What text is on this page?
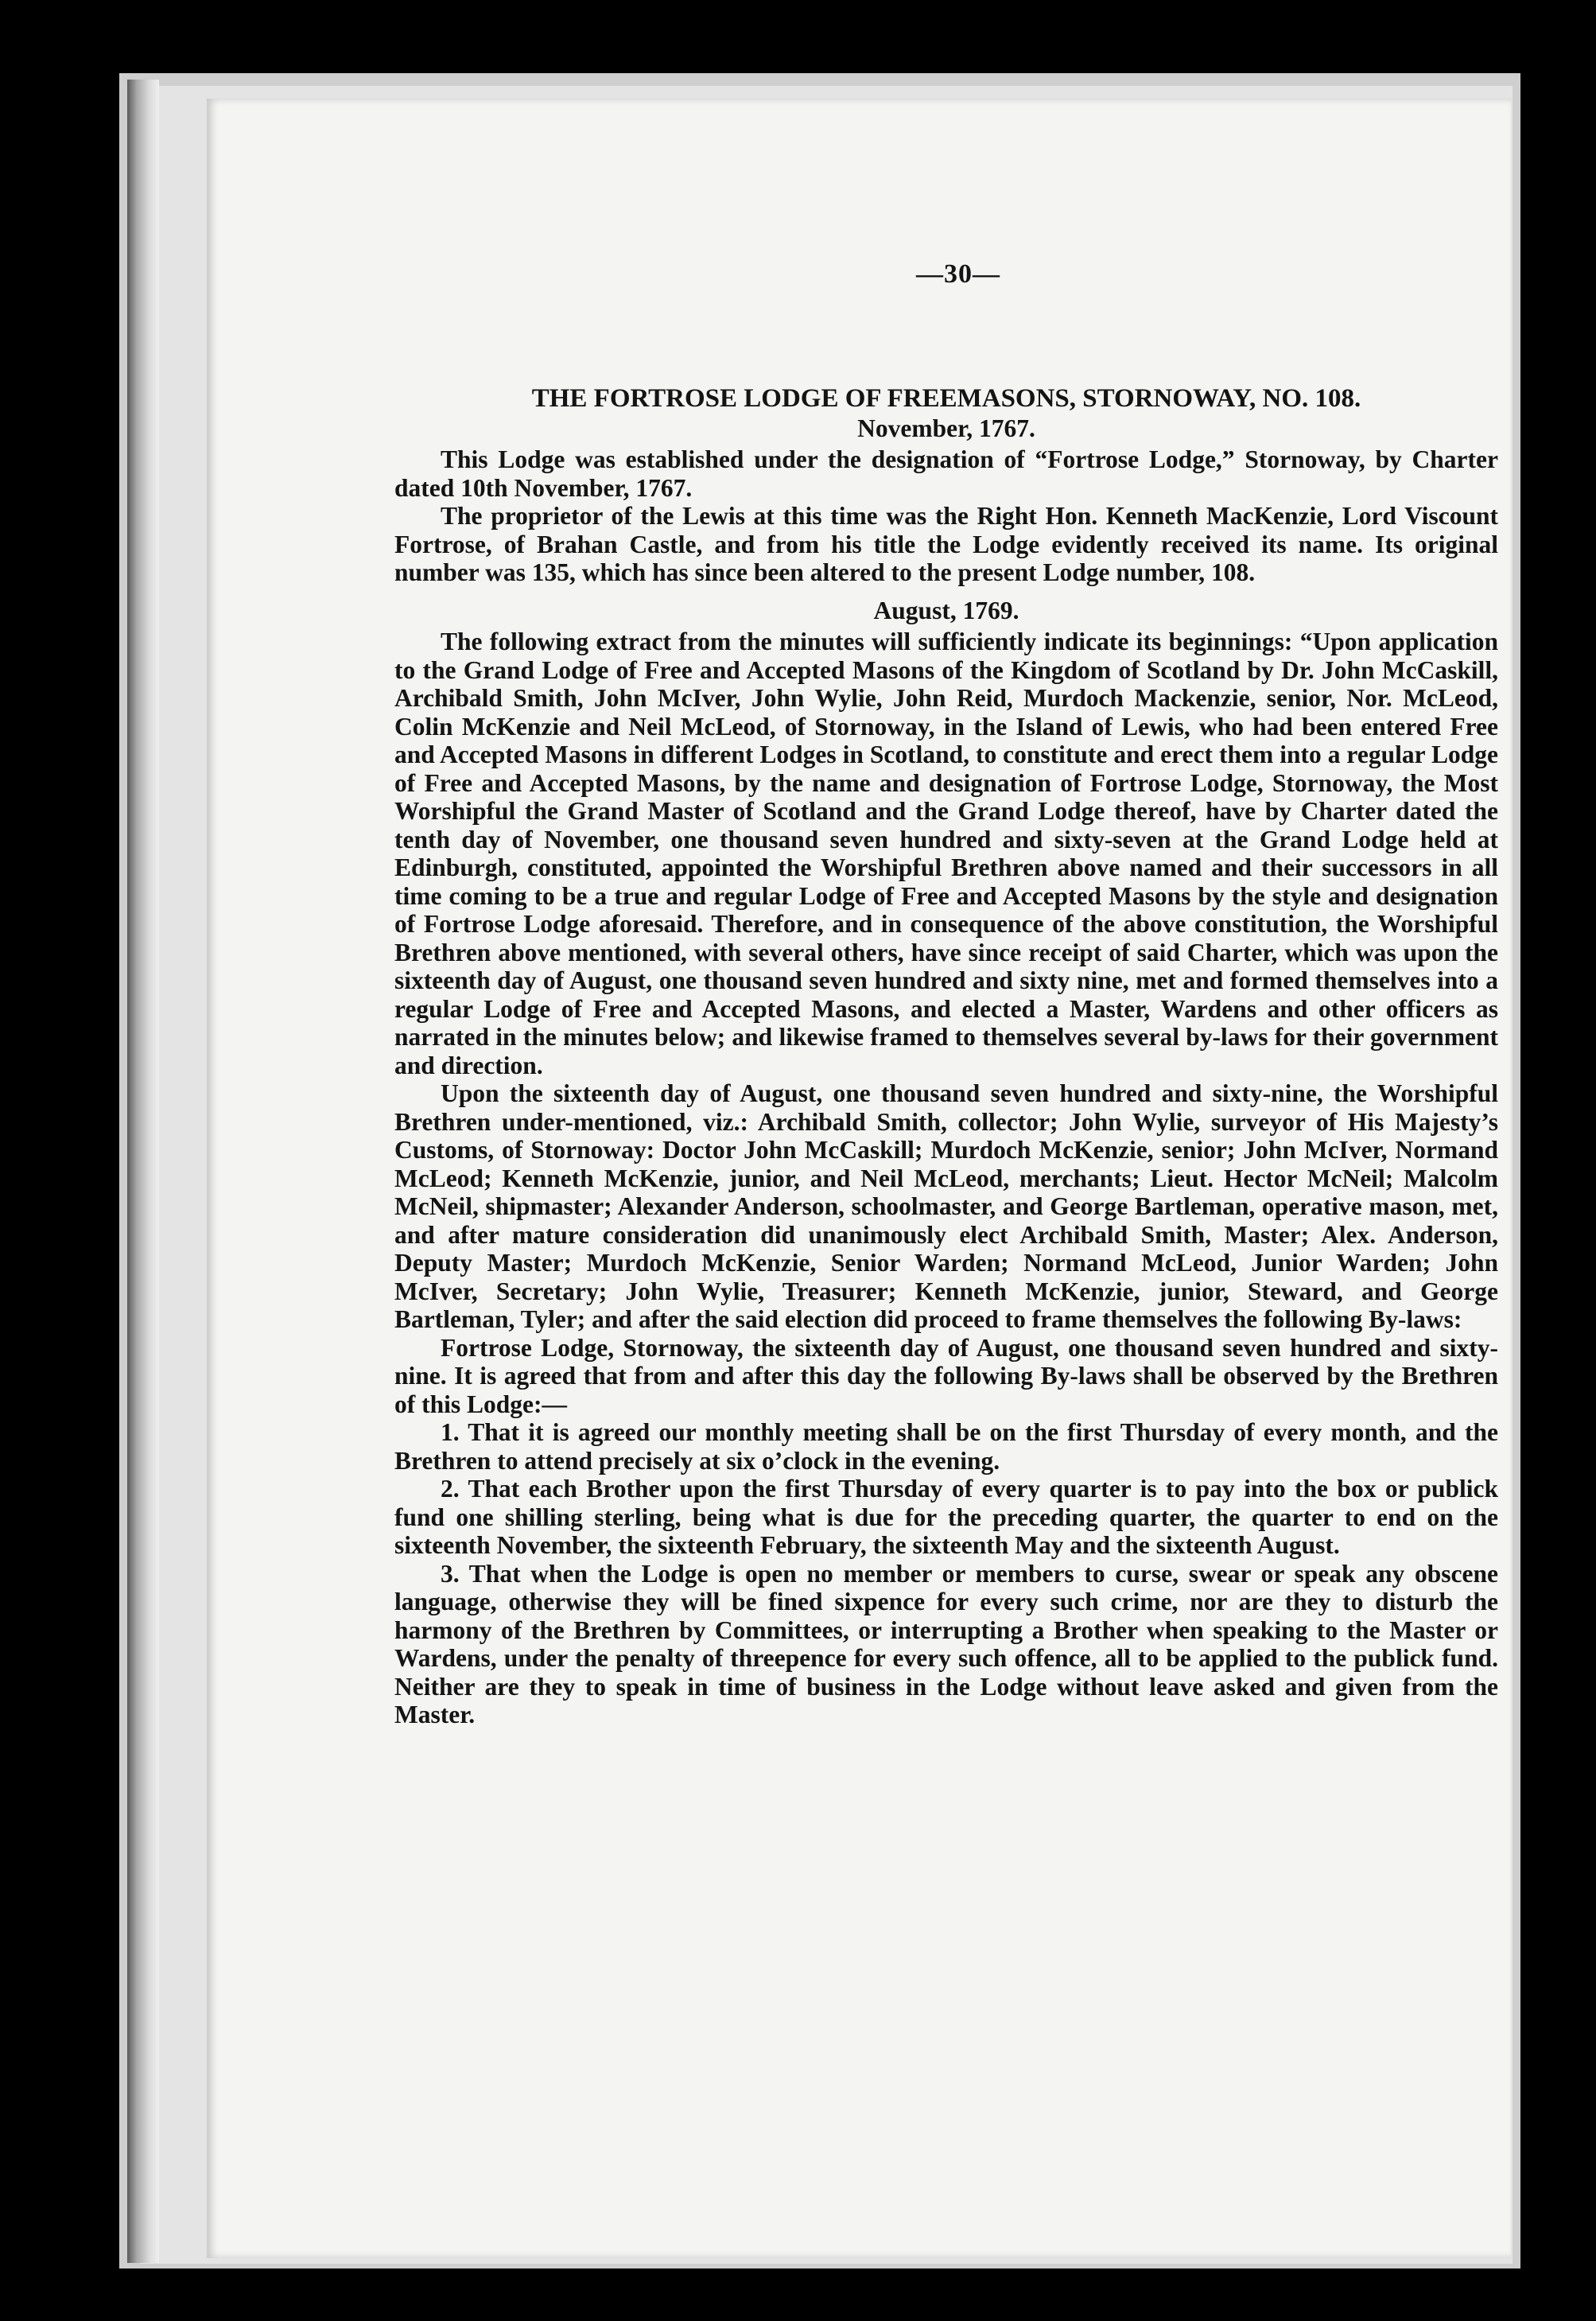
—30—
THE FORTROSE LODGE OF FREEMASONS, STORNOWAY, NO. 108.
November, 1767.

This Lodge was established under the designation of “Fortrose Lodge,” Stornoway, by Charter dated 10th November, 1767.

The proprietor of the Lewis at this time was the Right Hon. Kenneth MacKenzie, Lord Viscount Fortrose, of Brahan Castle, and from his title the Lodge evidently received its name. Its original number was 135, which has since been altered to the present Lodge number, 108.

August, 1769.

The following extract from the minutes will sufficiently indicate its beginnings: “Upon application to the Grand Lodge of Free and Accepted Masons of the Kingdom of Scotland by Dr. John McCaskill, Archibald Smith, John McIver, John Wylie, John Reid, Murdoch Mackenzie, senior, Nor. McLeod, Colin McKenzie and Neil McLeod, of Stornoway, in the Island of Lewis, who had been entered Free and Accepted Masons in different Lodges in Scotland, to constitute and erect them into a regular Lodge of Free and Accepted Masons, by the name and designation of Fortrose Lodge, Stornoway, the Most Worshipful the Grand Master of Scotland and the Grand Lodge thereof, have by Charter dated the tenth day of November, one thousand seven hundred and sixty-seven at the Grand Lodge held at Edinburgh, constituted, appointed the Worshipful Brethren above named and their successors in all time coming to be a true and regular Lodge of Free and Accepted Masons by the style and designation of Fortrose Lodge aforesaid. Therefore, and in consequence of the above constitution, the Worshipful Brethren above mentioned, with several others, have since receipt of said Charter, which was upon the sixteenth day of August, one thousand seven hundred and sixty nine, met and formed themselves into a regular Lodge of Free and Accepted Masons, and elected a Master, Wardens and other officers as narrated in the minutes below; and likewise framed to themselves several by-laws for their government and direction.

Upon the sixteenth day of August, one thousand seven hundred and sixty-nine, the Worshipful Brethren under-mentioned, viz.: Archibald Smith, collector; John Wylie, surveyor of His Majesty’s Customs, of Stornoway: Doctor John McCaskill; Murdoch McKenzie, senior; John McIver, Normand McLeod; Kenneth McKenzie, junior, and Neil McLeod, merchants; Lieut. Hector McNeil; Malcolm McNeil, shipmaster; Alexander Anderson, schoolmaster, and George Bartleman, operative mason, met, and after mature consideration did unanimously elect Archibald Smith, Master; Alex. Anderson, Deputy Master; Murdoch McKenzie, Senior Warden; Normand McLeod, Junior Warden; John McIver, Secretary; John Wylie, Treasurer; Kenneth McKenzie, junior, Steward, and George Bartleman, Tyler; and after the said election did proceed to frame themselves the following By-laws:

Fortrose Lodge, Stornoway, the sixteenth day of August, one thousand seven hundred and sixty-nine. It is agreed that from and after this day the following By-laws shall be observed by the Brethren of this Lodge:—

1. That it is agreed our monthly meeting shall be on the first Thursday of every month, and the Brethren to attend precisely at six o’clock in the evening.

2. That each Brother upon the first Thursday of every quarter is to pay into the box or publick fund one shilling sterling, being what is due for the preceding quarter, the quarter to end on the sixteenth November, the sixteenth February, the sixteenth May and the sixteenth August.

3. That when the Lodge is open no member or members to curse, swear or speak any obscene language, otherwise they will be fined sixpence for every such crime, nor are they to disturb the harmony of the Brethren by Committees, or interrupting a Brother when speaking to the Master or Wardens, under the penalty of threepence for every such offence, all to be applied to the publick fund. Neither are they to speak in time of business in the Lodge without leave asked and given from the Master.
